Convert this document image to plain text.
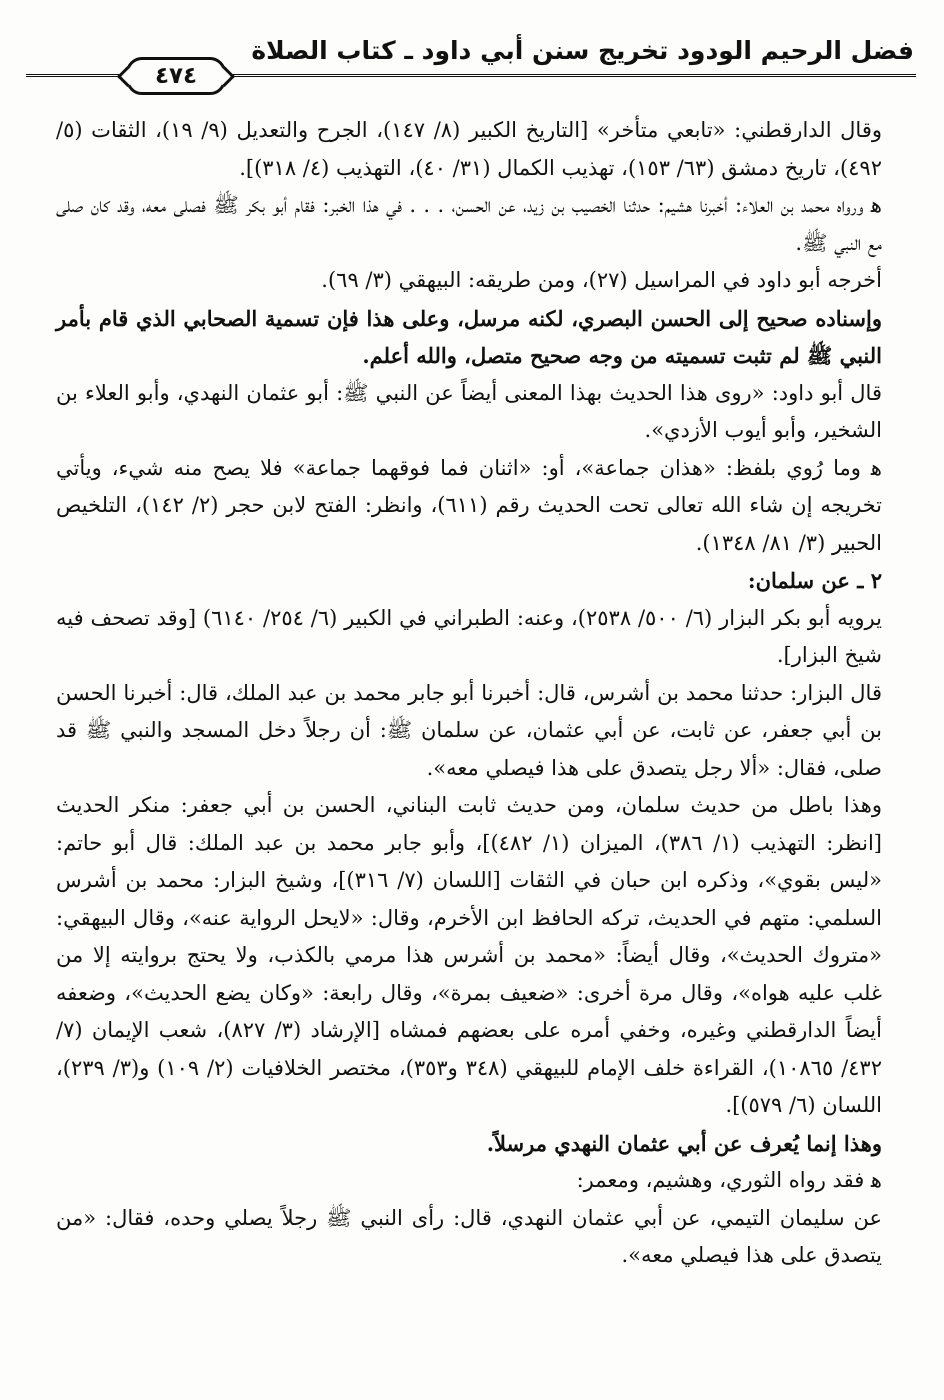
فضل الرحيم الودود تخريج سنن أبي داود ـ كتاب الصلاة
٤٧٤

وقال الدارقطني: «تابعي متأخر» [التاريخ الكبير (٨/ ١٤٧)، الجرح والتعديل (٩/ ١٩)، الثقات (٥/ ٤٩٢)، تاريخ دمشق (٦٣/ ١٥٣)، تهذيب الكمال (٣١/ ٤٠)، التهذيب (٤/ ٣١٨)].

ﻫ ورواه محمد بن العلاء: أخبرنا هشيم: حدثنا الخصيب بن زيد، عن الحسن، . . . في هذا الخبر: فقام أبو بكر ﷺ فصلى معه، وقد كان صلى مع النبي ﷺ.

أخرجه أبو داود في المراسيل (٢٧)، ومن طريقه: البيهقي (٣/ ٦٩).

وإسناده صحيح إلى الحسن البصري، لكنه مرسل، وعلى هذا فإن تسمية الصحابي الذي قام بأمر النبي ﷺ لم تثبت تسميته من وجه صحيح متصل، والله أعلم.

قال أبو داود: «روى هذا الحديث بهذا المعنى أيضاً عن النبي ﷺ: أبو عثمان النهدي، وأبو العلاء بن الشخير، وأبو أيوب الأزدي».

ﻫ وما رُوي بلفظ: «هذان جماعة»، أو: «اثنان فما فوقهما جماعة» فلا يصح منه شيء، ويأتي تخريجه إن شاء الله تعالى تحت الحديث رقم (٦١١)، وانظر: الفتح لابن حجر (٢/ ١٤٢)، التلخيص الحبير (٣/ ٨١/ ١٣٤٨).

٢ ـ عن سلمان:

يرويه أبو بكر البزار (٦/ ٥٠٠/ ٢٥٣٨)، وعنه: الطبراني في الكبير (٦/ ٢٥٤/ ٦١٤٠) [وقد تصحف فيه شيخ البزار].

قال البزار: حدثنا محمد بن أشرس، قال: أخبرنا أبو جابر محمد بن عبد الملك، قال: أخبرنا الحسن بن أبي جعفر، عن ثابت، عن أبي عثمان، عن سلمان ﷺ: أن رجلاً دخل المسجد والنبي ﷺ قد صلى، فقال: «ألا رجل يتصدق على هذا فيصلي معه».

وهذا باطل من حديث سلمان، ومن حديث ثابت البناني، الحسن بن أبي جعفر: منكر الحديث [انظر: التهذيب (١/ ٣٨٦)، الميزان (١/ ٤٨٢)]، وأبو جابر محمد بن عبد الملك: قال أبو حاتم: «ليس بقوي»، وذكره ابن حبان في الثقات [اللسان (٧/ ٣١٦)]، وشيخ البزار: محمد بن أشرس السلمي: متهم في الحديث، تركه الحافظ ابن الأخرم، وقال: «لايحل الرواية عنه»، وقال البيهقي: «متروك الحديث»، وقال أيضاً: «محمد بن أشرس هذا مرمي بالكذب، ولا يحتج بروايته إلا من غلب عليه هواه»، وقال مرة أخرى: «ضعيف بمرة»، وقال رابعة: «وكان يضع الحديث»، وضعفه أيضاً الدارقطني وغيره، وخفي أمره على بعضهم فمشاه [الإرشاد (٣/ ٨٢٧)، شعب الإيمان (٧/ ٤٣٢/ ١٠٨٦٥)، القراءة خلف الإمام للبيهقي (٣٤٨ و٣٥٣)، مختصر الخلافيات (٢/ ١٠٩) و(٣/ ٢٣٩)، اللسان (٦/ ٥٧٩)].

وهذا إنما يُعرف عن أبي عثمان النهدي مرسلاً.

ﻫ فقد رواه الثوري، وهشيم، ومعمر:

عن سليمان التيمي، عن أبي عثمان النهدي، قال: رأى النبي ﷺ رجلاً يصلي وحده، فقال: «من يتصدق على هذا فيصلي معه».
